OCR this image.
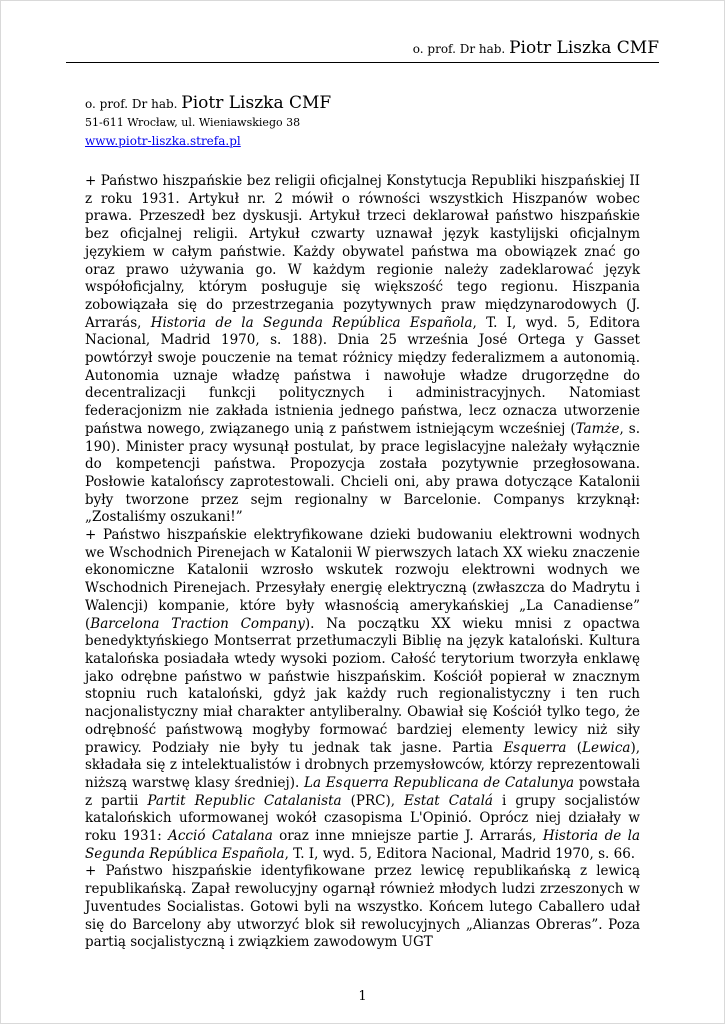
o. prof. Dr hab. Piotr Liszka CMF
o. prof. Dr hab. Piotr Liszka CMF
51-611 Wrocław, ul. Wieniawskiego 38
www.piotr-liszka.strefa.pl

+ Państwo hiszpańskie bez religii oficjalnej Konstytucja Republiki hiszpańskiej II z roku 1931. Artykuł nr. 2 mówił o równości wszystkich Hiszpanów wobec prawa. Przeszedł bez dyskusji. Artykuł trzeci deklarował państwo hiszpańskie bez oficjalnej religii. Artykuł czwarty uznawał język kastylijski oficjalnym językiem w całym państwie. Każdy obywatel państwa ma obowiązek znać go oraz prawo używania go. W każdym regionie należy zadeklarować język współoficjalny, którym posługuje się większość tego regionu. Hiszpania zobowiązała się do przestrzegania pozytywnych praw międzynarodowych (J. Arrarás, Historia de la Segunda República Española, T. I, wyd. 5, Editora Nacional, Madrid 1970, s. 188). Dnia 25 września José Ortega y Gasset powtórzył swoje pouczenie na temat różnicy między federalizmem a autonomią. Autonomia uznaje władzę państwa i nawołuje władze drugorzędne do decentralizacji funkcji politycznych i administracyjnych. Natomiast federacjonizm nie zakłada istnienia jednego państwa, lecz oznacza utworzenie państwa nowego, związanego unią z państwem istniejącym wcześniej (Tamże, s. 190). Minister pracy wysunął postulat, by prace legislacyjne należały wyłącznie do kompetencji państwa. Propozycja została pozytywnie przegłosowana. Posłowie katalońscy zaprotestowali. Chcieli oni, aby prawa dotyczące Katalonii były tworzone przez sejm regionalny w Barcelonie. Companys krzyknął: „Zostaliśmy oszukani!”

+ Państwo hiszpańskie elektryfikowane dzieki budowaniu elektrowni wodnych we Wschodnich Pirenejach w Katalonii W pierwszych latach XX wieku znaczenie ekonomiczne Katalonii wzrosło wskutek rozwoju elektrowni wodnych we Wschodnich Pirenejach. Przesyłały energię elektryczną (zwłaszcza do Madrytu i Walencji) kompanie, które były własnością amerykańskiej „La Canadiense” (Barcelona Traction Company). Na początku XX wieku mnisi z opactwa benedyktyńskiego Montserrat przetłumaczyli Biblię na język kataloński. Kultura katalońska posiadała wtedy wysoki poziom. Całość terytorium tworzyła enklawę jako odrębne państwo w państwie hiszpańskim. Kościół popierał w znacznym stopniu ruch kataloński, gdyż jak każdy ruch regionalistyczny i ten ruch nacjonalistyczny miał charakter antyliberalny. Obawiał się Kościół tylko tego, że odrębność państwową mogłyby formować bardziej elementy lewicy niż siły prawicy. Podziały nie były tu jednak tak jasne. Partia Esquerra (Lewica), składała się z intelektualistów i drobnych przemysłowców, którzy reprezentowali niższą warstwę klasy średniej). La Esquerra Republicana de Catalunya powstała z partii Partit Republic Catalanista (PRC), Estat Catalá i grupy socjalistów katalońskich uformowanej wokół czasopisma L'Opinió. Oprócz niej działały w roku 1931: Acció Catalana oraz inne mniejsze partie J. Arrarás, Historia de la Segunda República Española, T. I, wyd. 5, Editora Nacional, Madrid 1970, s. 66.

+ Państwo hiszpańskie identyfikowane przez lewicę republikańską z lewicą republikańską. Zapał rewolucyjny ogarnął również młodych ludzi zrzeszonych w Juventudes Socialistas. Gotowi byli na wszystko. Końcem lutego Caballero udał się do Barcelony aby utworzyć blok sił rewolucyjnych „Alianzas Obreras”. Poza partią socjalistyczną i związkiem zawodowym UGT

1
